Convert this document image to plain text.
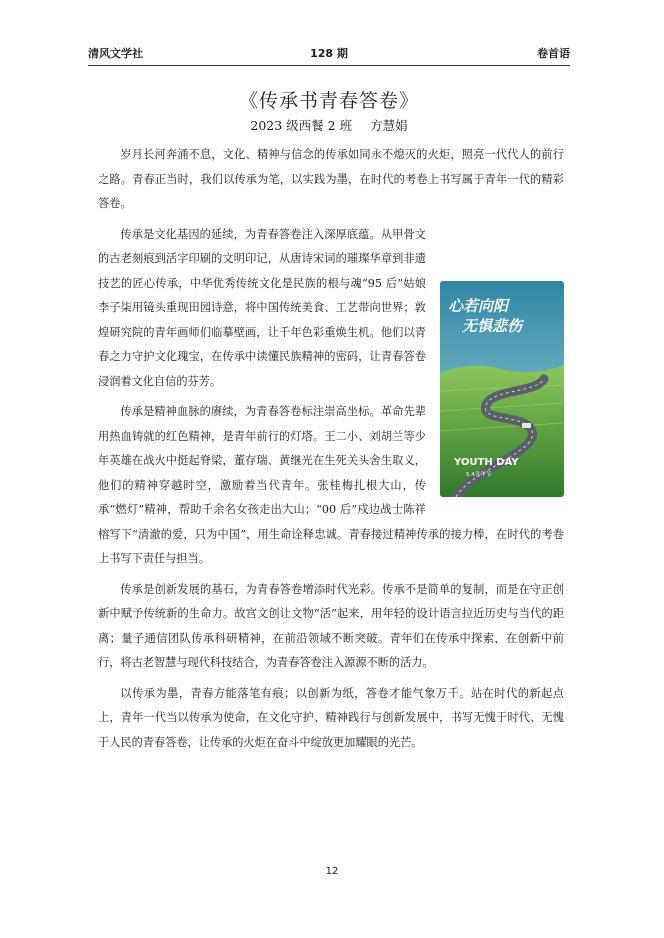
清风文学社	128 期	卷首语
《传承书青春答卷》
2023 级西餐 2 班 方慧娟

岁月长河奔涌不息，文化、精神与信念的传承如同永不熄灭的火炬，照亮一代代人的前行之路。青春正当时，我们以传承为笔，以实践为墨，在时代的考卷上书写属于青年一代的精彩答卷。

心若向阳
无惧悲伤
YOUTH DAY
5.4青年节

传承是文化基因的延续，为青春答卷注入深厚底蕴。从甲骨文的古老刻痕到活字印刷的文明印记，从唐诗宋词的璀璨华章到非遗技艺的匠心传承，中华优秀传统文化是民族的根与魂“95 后”姑娘李子柒用镜头重现田园诗意，将中国传统美食、工艺带向世界；敦煌研究院的青年画师们临摹壁画，让千年色彩重焕生机。他们以青春之力守护文化瑰宝，在传承中读懂民族精神的密码，让青春答卷浸润着文化自信的芬芳。

传承是精神血脉的赓续，为青春答卷标注崇高坐标。革命先辈用热血铸就的红色精神，是青年前行的灯塔。王二小、刘胡兰等少年英雄在战火中挺起脊梁，董存瑞、黄继光在生死关头舍生取义，他们的精神穿越时空，激励着当代青年。张桂梅扎根大山，传承“燃灯”精神，帮助千余名女孩走出大山；“00 后”戍边战士陈祥榕写下“清澈的爱，只为中国”，用生命诠释忠诚。青春接过精神传承的接力棒，在时代的考卷上书写下责任与担当。

传承是创新发展的基石，为青春答卷增添时代光彩。传承不是简单的复制，而是在守正创新中赋予传统新的生命力。故宫文创让文物“活”起来，用年轻的设计语言拉近历史与当代的距离；量子通信团队传承科研精神，在前沿领域不断突破。青年们在传承中探索，在创新中前行，将古老智慧与现代科技结合，为青春答卷注入源源不断的活力。

以传承为墨，青春方能落笔有痕；以创新为纸，答卷才能气象万千。站在时代的新起点上，青年一代当以传承为使命，在文化守护、精神践行与创新发展中，书写无愧于时代、无愧于人民的青春答卷，让传承的火炬在奋斗中绽放更加耀眼的光芒。

12
